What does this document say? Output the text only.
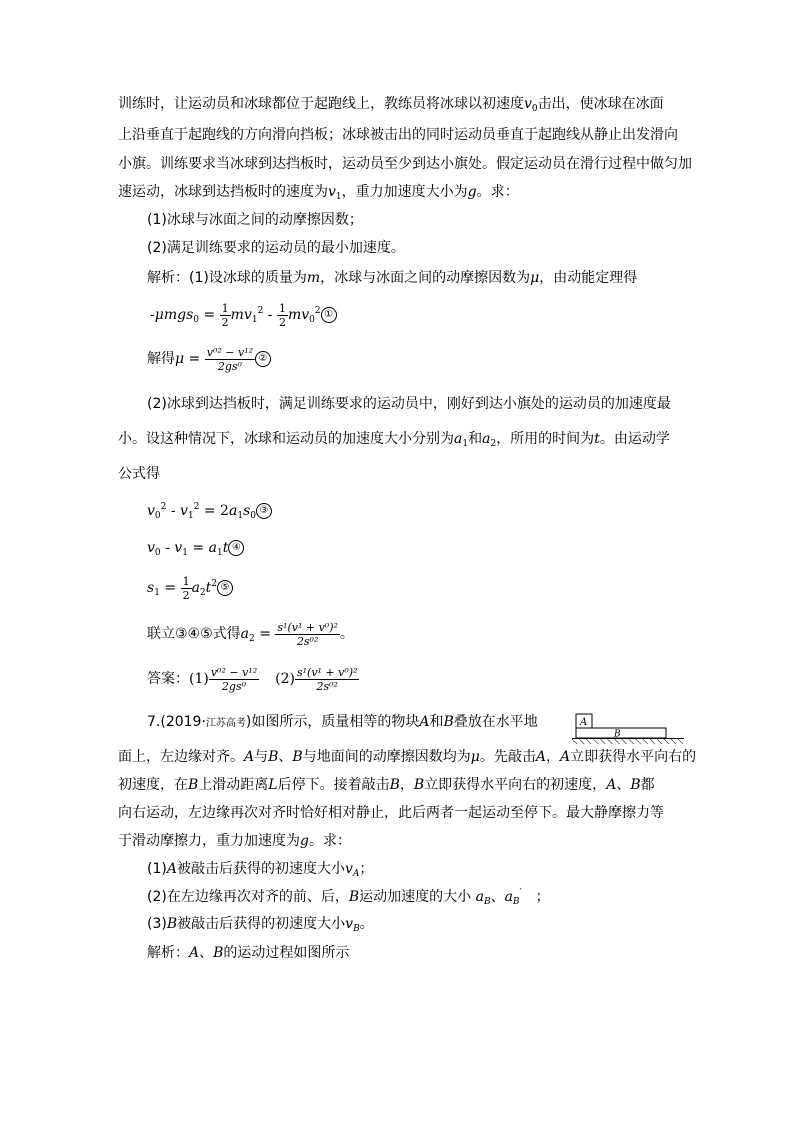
训练时，让运动员和冰球都位于起跑线上，教练员将冰球以初速度$v_0$击出，使冰球在冰面
上沿垂直于起跑线的方向滑向挡板；冰球被击出的同时运动员垂直于起跑线从静止出发滑向
小旗。训练要求当冰球到达挡板时，运动员至少到达小旗处。假定运动员在滑行过程中做匀加
速运动，冰球到达挡板时的速度为$v_1$，重力加速度大小为g。求：
(1)冰球与冰面之间的动摩擦因数；
(2)满足训练要求的运动员的最小加速度。
解析：(1)设冰球的质量为m，冰球与冰面之间的动摩擦因数为μ，由动能定理得
$-\mu mgs_0 = \frac{1}{2} mv_1^2 - \frac{1}{2} mv_0^2$ ①
解得$\mu = \frac{\text{v⁰² − v¹²}}{\text{2gs⁰}}$ ②
(2)冰球到达挡板时，满足训练要求的运动员中，刚好到达小旗处的运动员的加速度最
小。设这种情况下，冰球和运动员的加速度大小分别为$a_1$和$a_2$，所用的时间为t。由运动学
公式得
$v_0^2 - v_1^2 = 2a_1s_0$ ③
$v_0 - v_1 = a_1t$ ④
$s_1 = \frac{1}{2} a_2t^2$ ⑤
联立③④⑤式得$a_2 = \frac{\text{s¹(v¹ + v⁰)²}}{\text{2s⁰²}}$ 。
答案：$(1) \frac{\text{v⁰² − v¹²}}{\text{2gs⁰}} (2) \frac{\text{s¹(v¹ + v⁰)²}}{\text{2s⁰²}}$
7.(2019·江苏高考)如图所示，质量相等的物块A和B叠放在水平地	A
B
面上，左边缘对齐。A与B、B与地面间的动摩擦因数均为μ。先敲击A，A立即获得水平向右的
初速度，在B上滑动距离L后停下。接着敲击B，B立即获得水平向右的初速度，A、B都
向右运动，左边缘再次对齐时恰好相对静止，此后两者一起运动至停下。最大静摩擦力等
于滑动摩擦力，重力加速度为g。求：
(1)A被敲击后获得的初速度大小$v_A$；
(2)在左边缘再次对齐的前、后，B运动加速度的大小 $a_B$、$a_B'$　；
(3)B被敲击后获得的初速度大小$v_B$。
解析：A、B的运动过程如图所示
